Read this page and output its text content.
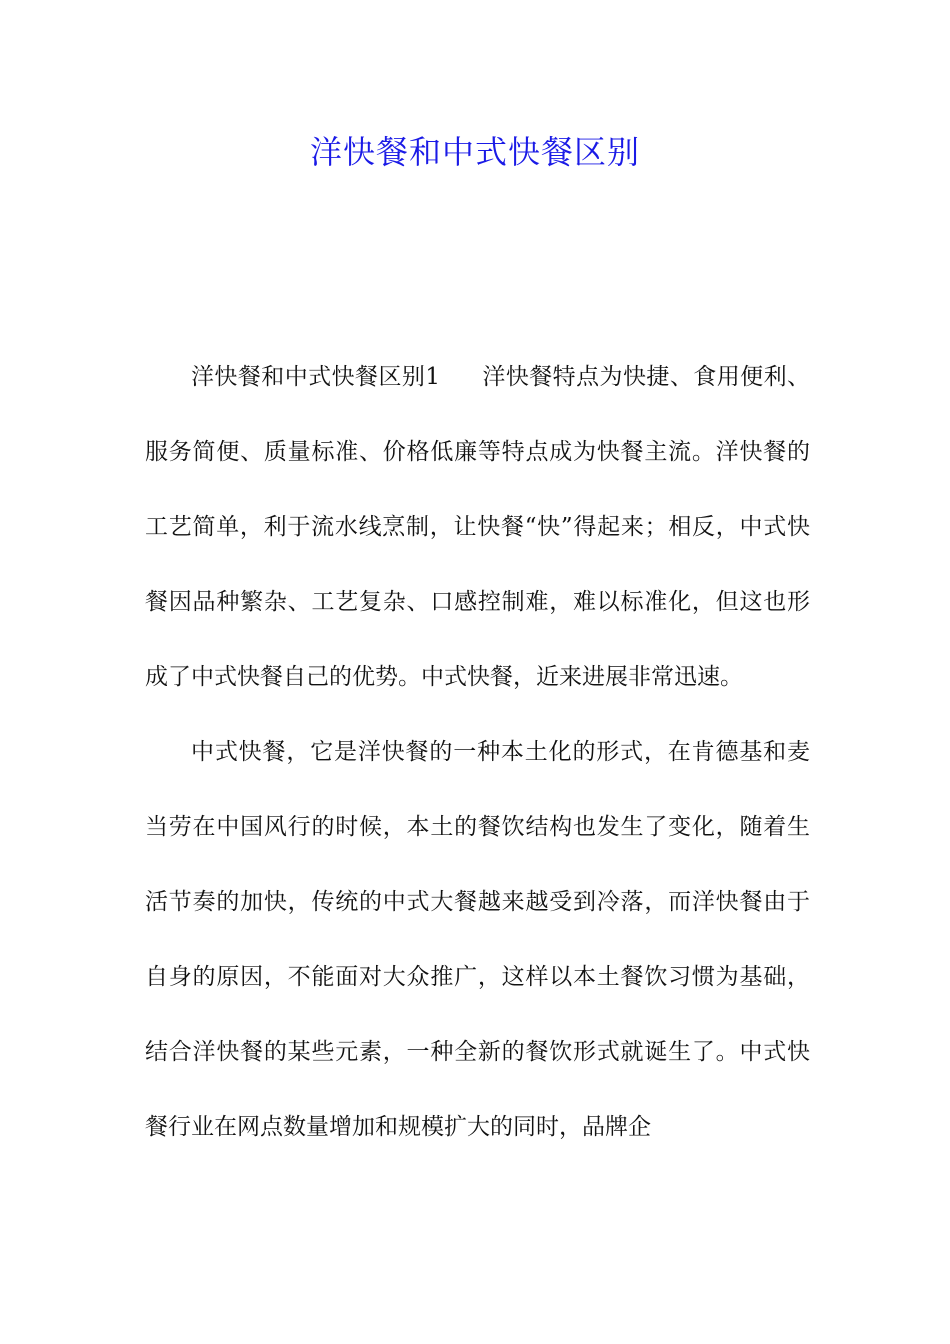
洋快餐和中式快餐区别

洋快餐和中式快餐区别1 洋快餐特点为快捷、食用便利、服务简便、质量标准、价格低廉等特点成为快餐主流。洋快餐的工艺简单，利于流水线烹制，让快餐“快”得起来；相反，中式快餐因品种繁杂、工艺复杂、口感控制难，难以标准化，但这也形成了中式快餐自己的优势。中式快餐，近来进展非常迅速。

中式快餐，它是洋快餐的一种本土化的形式，在肯德基和麦当劳在中国风行的时候，本土的餐饮结构也发生了变化，随着生活节奏的加快，传统的中式大餐越来越受到冷落，而洋快餐由于自身的原因，不能面对大众推广，这样以本土餐饮习惯为基础，结合洋快餐的某些元素，一种全新的餐饮形式就诞生了。中式快餐行业在网点数量增加和规模扩大的同时，品牌企
